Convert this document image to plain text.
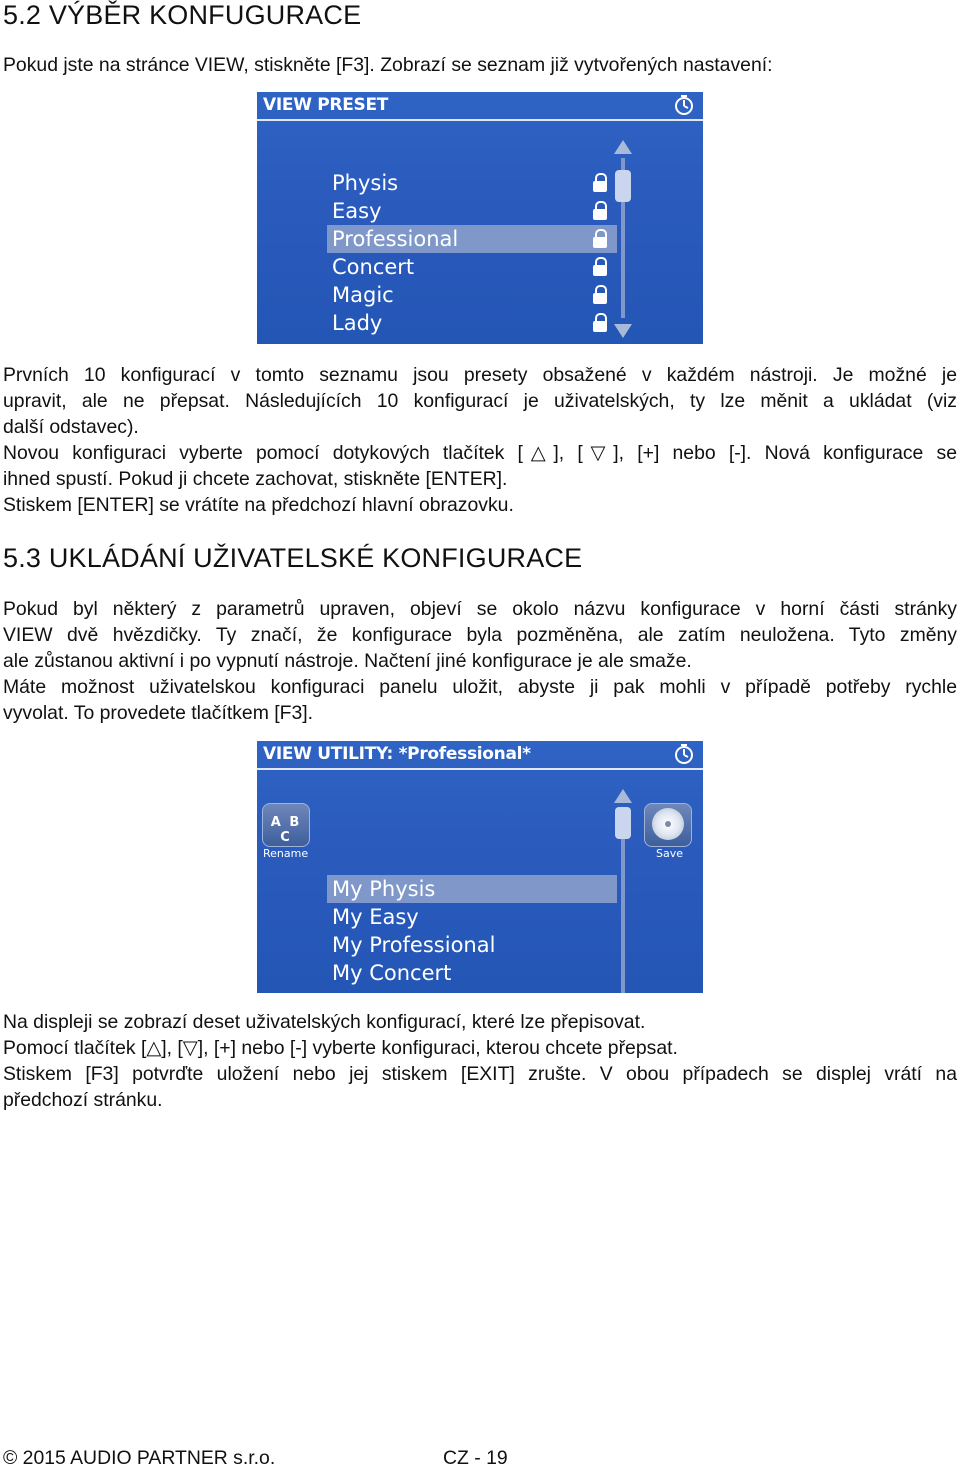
5.2 VÝBĚR KONFUGURACE

Pokud jste na stránce VIEW, stiskněte [F3]. Zobrazí se seznam již vytvořených nastavení:

VIEW PRESET
Physis
Easy
Professional
Concert
Magic
Lady

Prvních 10 konfigurací v tomto seznamu jsou presety obsažené v každém nástroji. Je možné je
upravit, ale ne přepsat. Následujících 10 konfigurací je uživatelských, ty lze měnit a ukládat (viz
další odstavec).
Novou konfiguraci vyberte pomocí dotykových tlačítek [△], [▽], [+] nebo [-]. Nová konfigurace se
ihned spustí. Pokud ji chcete zachovat, stiskněte [ENTER].
Stiskem [ENTER] se vrátíte na předchozí hlavní obrazovku.

5.3 UKLÁDÁNÍ UŽIVATELSKÉ KONFIGURACE

Pokud byl některý z parametrů upraven, objeví se okolo názvu konfigurace v horní části stránky
VIEW dvě hvězdičky. Ty značí, že konfigurace byla pozměněna, ale zatím neuložena. Tyto změny
ale zůstanou aktivní i po vypnutí nástroje. Načtení jiné konfigurace je ale smaže.
Máte možnost uživatelskou konfiguraci panelu uložit, abyste ji pak mohli v případě potřeby rychle
vyvolat. To provedete tlačítkem [F3].

VIEW UTILITY: *Professional*
A B C
Rename	Save
My Physis
My Easy
My Professional
My Concert

Na displeji se zobrazí deset uživatelských konfigurací, které lze přepisovat.
Pomocí tlačítek [△], [▽], [+] nebo [-] vyberte konfiguraci, kterou chcete přepsat.
Stiskem [F3] potvrďte uložení nebo jej stiskem [EXIT] zrušte. V obou případech se displej vrátí na
předchozí stránku.

© 2015 AUDIO PARTNER s.r.o.	CZ - 19
